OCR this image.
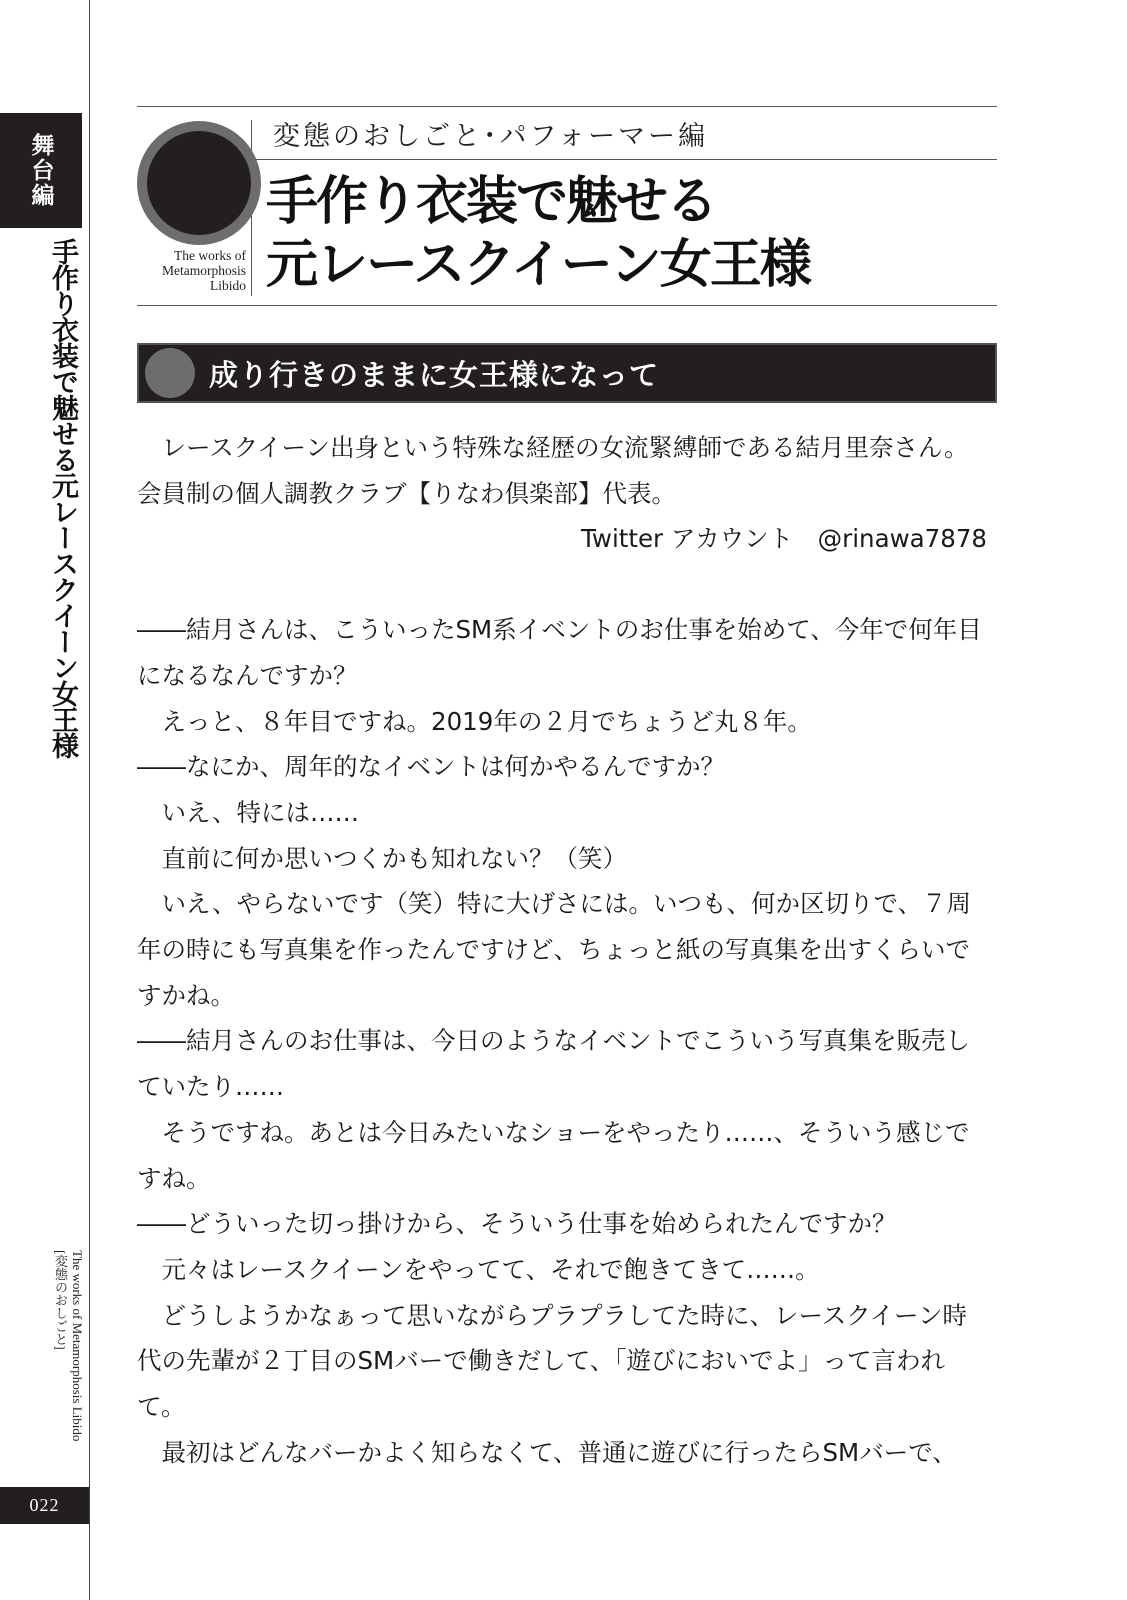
舞台編
手作り衣装で魅せる元レースクイーン女王様
The works of Metamorphosis Libido
[変態のおしごと]
022
The works of
Metamorphosis
Libido
変態のおしごと･パフォーマー編
手作り衣装で魅せる
元レースクイーン女王様
成り行きのままに女王様になって

レースクイーン出身という特殊な経歴の女流緊縛師である結月里奈さん。会員制の個人調教クラブ【りなわ倶楽部】代表。

Twitter アカウント　@rinawa7878

――結月さんは、こういったSM系イベントのお仕事を始めて、今年で何年目になるなんですか？

えっと、８年目ですね。2019年の２月でちょうど丸８年。

――なにか、周年的なイベントは何かやるんですか？

いえ、特には……

直前に何か思いつくかも知れない？（笑）

いえ、やらないです（笑）特に大げさには。いつも、何か区切りで、７周年の時にも写真集を作ったんですけど、ちょっと紙の写真集を出すくらいですかね。

――結月さんのお仕事は、今日のようなイベントでこういう写真集を販売していたり……

そうですね。あとは今日みたいなショーをやったり……、そういう感じですね。

――どういった切っ掛けから、そういう仕事を始められたんですか？

元々はレースクイーンをやってて、それで飽きてきて……。

どうしようかなぁって思いながらプラプラしてた時に、レースクイーン時代の先輩が２丁目のSMバーで働きだして、「遊びにおいでよ」って言われて。

最初はどんなバーかよく知らなくて、普通に遊びに行ったらSMバーで、
